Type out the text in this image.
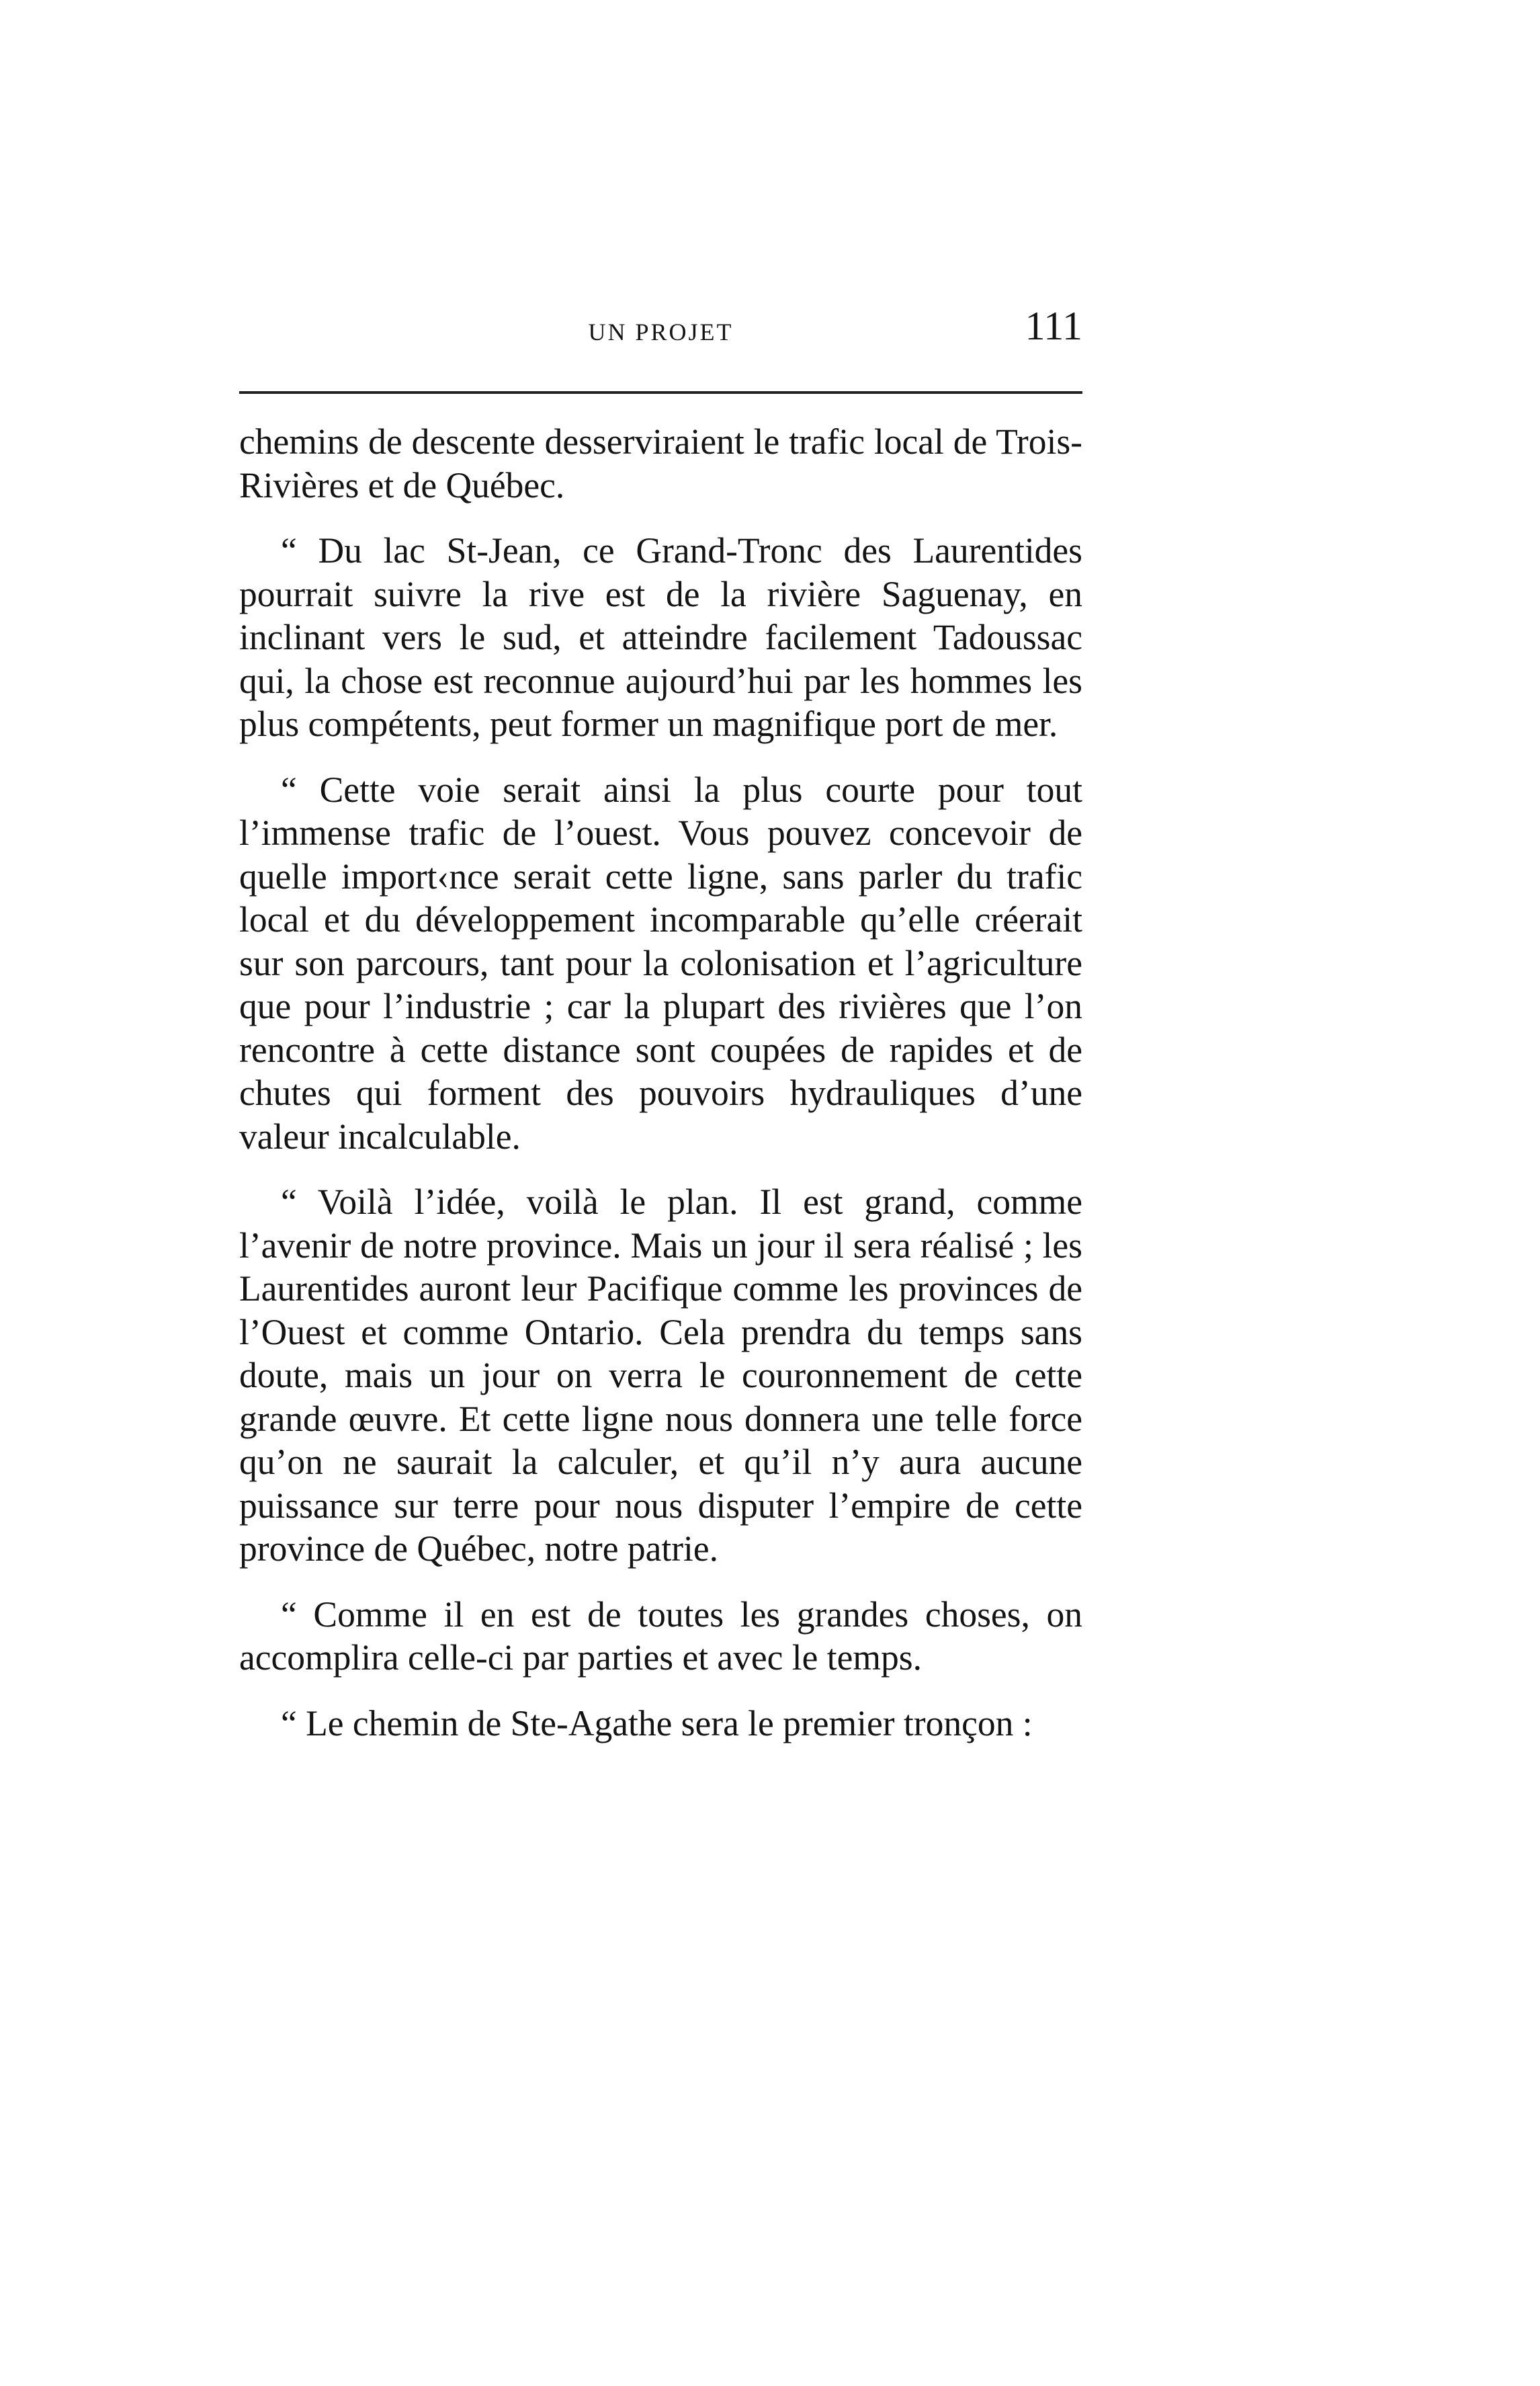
UN PROJET	111

chemins de descente desserviraient le trafic local de Trois-Rivières et de Québec.

“ Du lac St-Jean, ce Grand-Tronc des Laurentides pourrait suivre la rive est de la rivière Saguenay, en inclinant vers le sud, et atteindre facilement Tadoussac qui, la chose est reconnue aujourd’hui par les hommes les plus compétents, peut former un magnifique port de mer.

“ Cette voie serait ainsi la plus courte pour tout l’immense trafic de l’ouest. Vous pouvez concevoir de quelle import‹nce serait cette ligne, sans parler du trafic local et du développement incomparable qu’elle créerait sur son parcours, tant pour la colonisation et l’agriculture que pour l’industrie ; car la plupart des rivières que l’on rencontre à cette distance sont coupées de rapides et de chutes qui forment des pouvoirs hydrauliques d’une valeur incalculable.

“ Voilà l’idée, voilà le plan. Il est grand, comme l’avenir de notre province. Mais un jour il sera réalisé ; les Laurentides auront leur Pacifique comme les provinces de l’Ouest et comme Ontario. Cela prendra du temps sans doute, mais un jour on verra le couronnement de cette grande œuvre. Et cette ligne nous donnera une telle force qu’on ne saurait la calculer, et qu’il n’y aura aucune puissance sur terre pour nous disputer l’empire de cette province de Québec, notre patrie.

“ Comme il en est de toutes les grandes choses, on accomplira celle-ci par parties et avec le temps.

“ Le chemin de Ste-Agathe sera le premier tronçon :
